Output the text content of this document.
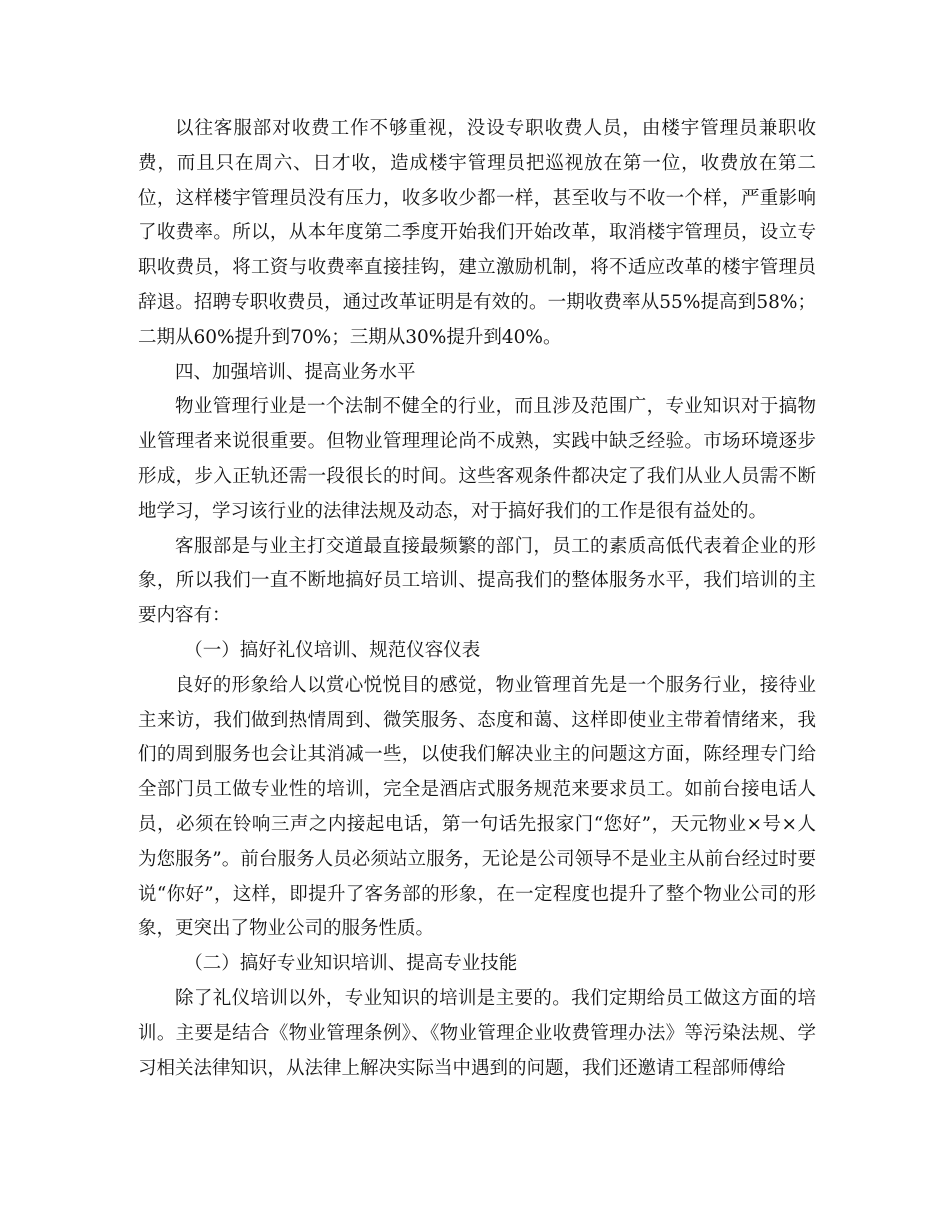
以往客服部对收费工作不够重视，没设专职收费人员，由楼宇管理员兼职收费，而且只在周六、日才收，造成楼宇管理员把巡视放在第一位，收费放在第二位，这样楼宇管理员没有压力，收多收少都一样，甚至收与不收一个样，严重影响了收费率。所以，从本年度第二季度开始我们开始改革，取消楼宇管理员，设立专职收费员，将工资与收费率直接挂钩，建立激励机制，将不适应改革的楼宇管理员辞退。招聘专职收费员，通过改革证明是有效的。一期收费率从55%提高到58%；二期从60%提升到70%；三期从30%提升到40%。

四、加强培训、提高业务水平

物业管理行业是一个法制不健全的行业，而且涉及范围广，专业知识对于搞物业管理者来说很重要。但物业管理理论尚不成熟，实践中缺乏经验。市场环境逐步形成，步入正轨还需一段很长的时间。这些客观条件都决定了我们从业人员需不断地学习，学习该行业的法律法规及动态，对于搞好我们的工作是很有益处的。

客服部是与业主打交道最直接最频繁的部门，员工的素质高低代表着企业的形象，所以我们一直不断地搞好员工培训、提高我们的整体服务水平，我们培训的主要内容有：

（一）搞好礼仪培训、规范仪容仪表

良好的形象给人以赏心悦悦目的感觉，物业管理首先是一个服务行业，接待业主来访，我们做到热情周到、微笑服务、态度和蔼、这样即使业主带着情绪来，我们的周到服务也会让其消减一些，以使我们解决业主的问题这方面，陈经理专门给全部门员工做专业性的培训，完全是酒店式服务规范来要求员工。如前台接电话人员，必须在铃响三声之内接起电话，第一句话先报家门“您好”，天元物业×号×人为您服务”。前台服务人员必须站立服务，无论是公司领导不是业主从前台经过时要说“你好”，这样，即提升了客务部的形象，在一定程度也提升了整个物业公司的形象，更突出了物业公司的服务性质。

（二）搞好专业知识培训、提高专业技能

除了礼仪培训以外，专业知识的培训是主要的。我们定期给员工做这方面的培训。主要是结合《物业管理条例》、《物业管理企业收费管理办法》等污染法规、学习相关法律知识，从法律上解决实际当中遇到的问题，我们还邀请工程部师傅给
